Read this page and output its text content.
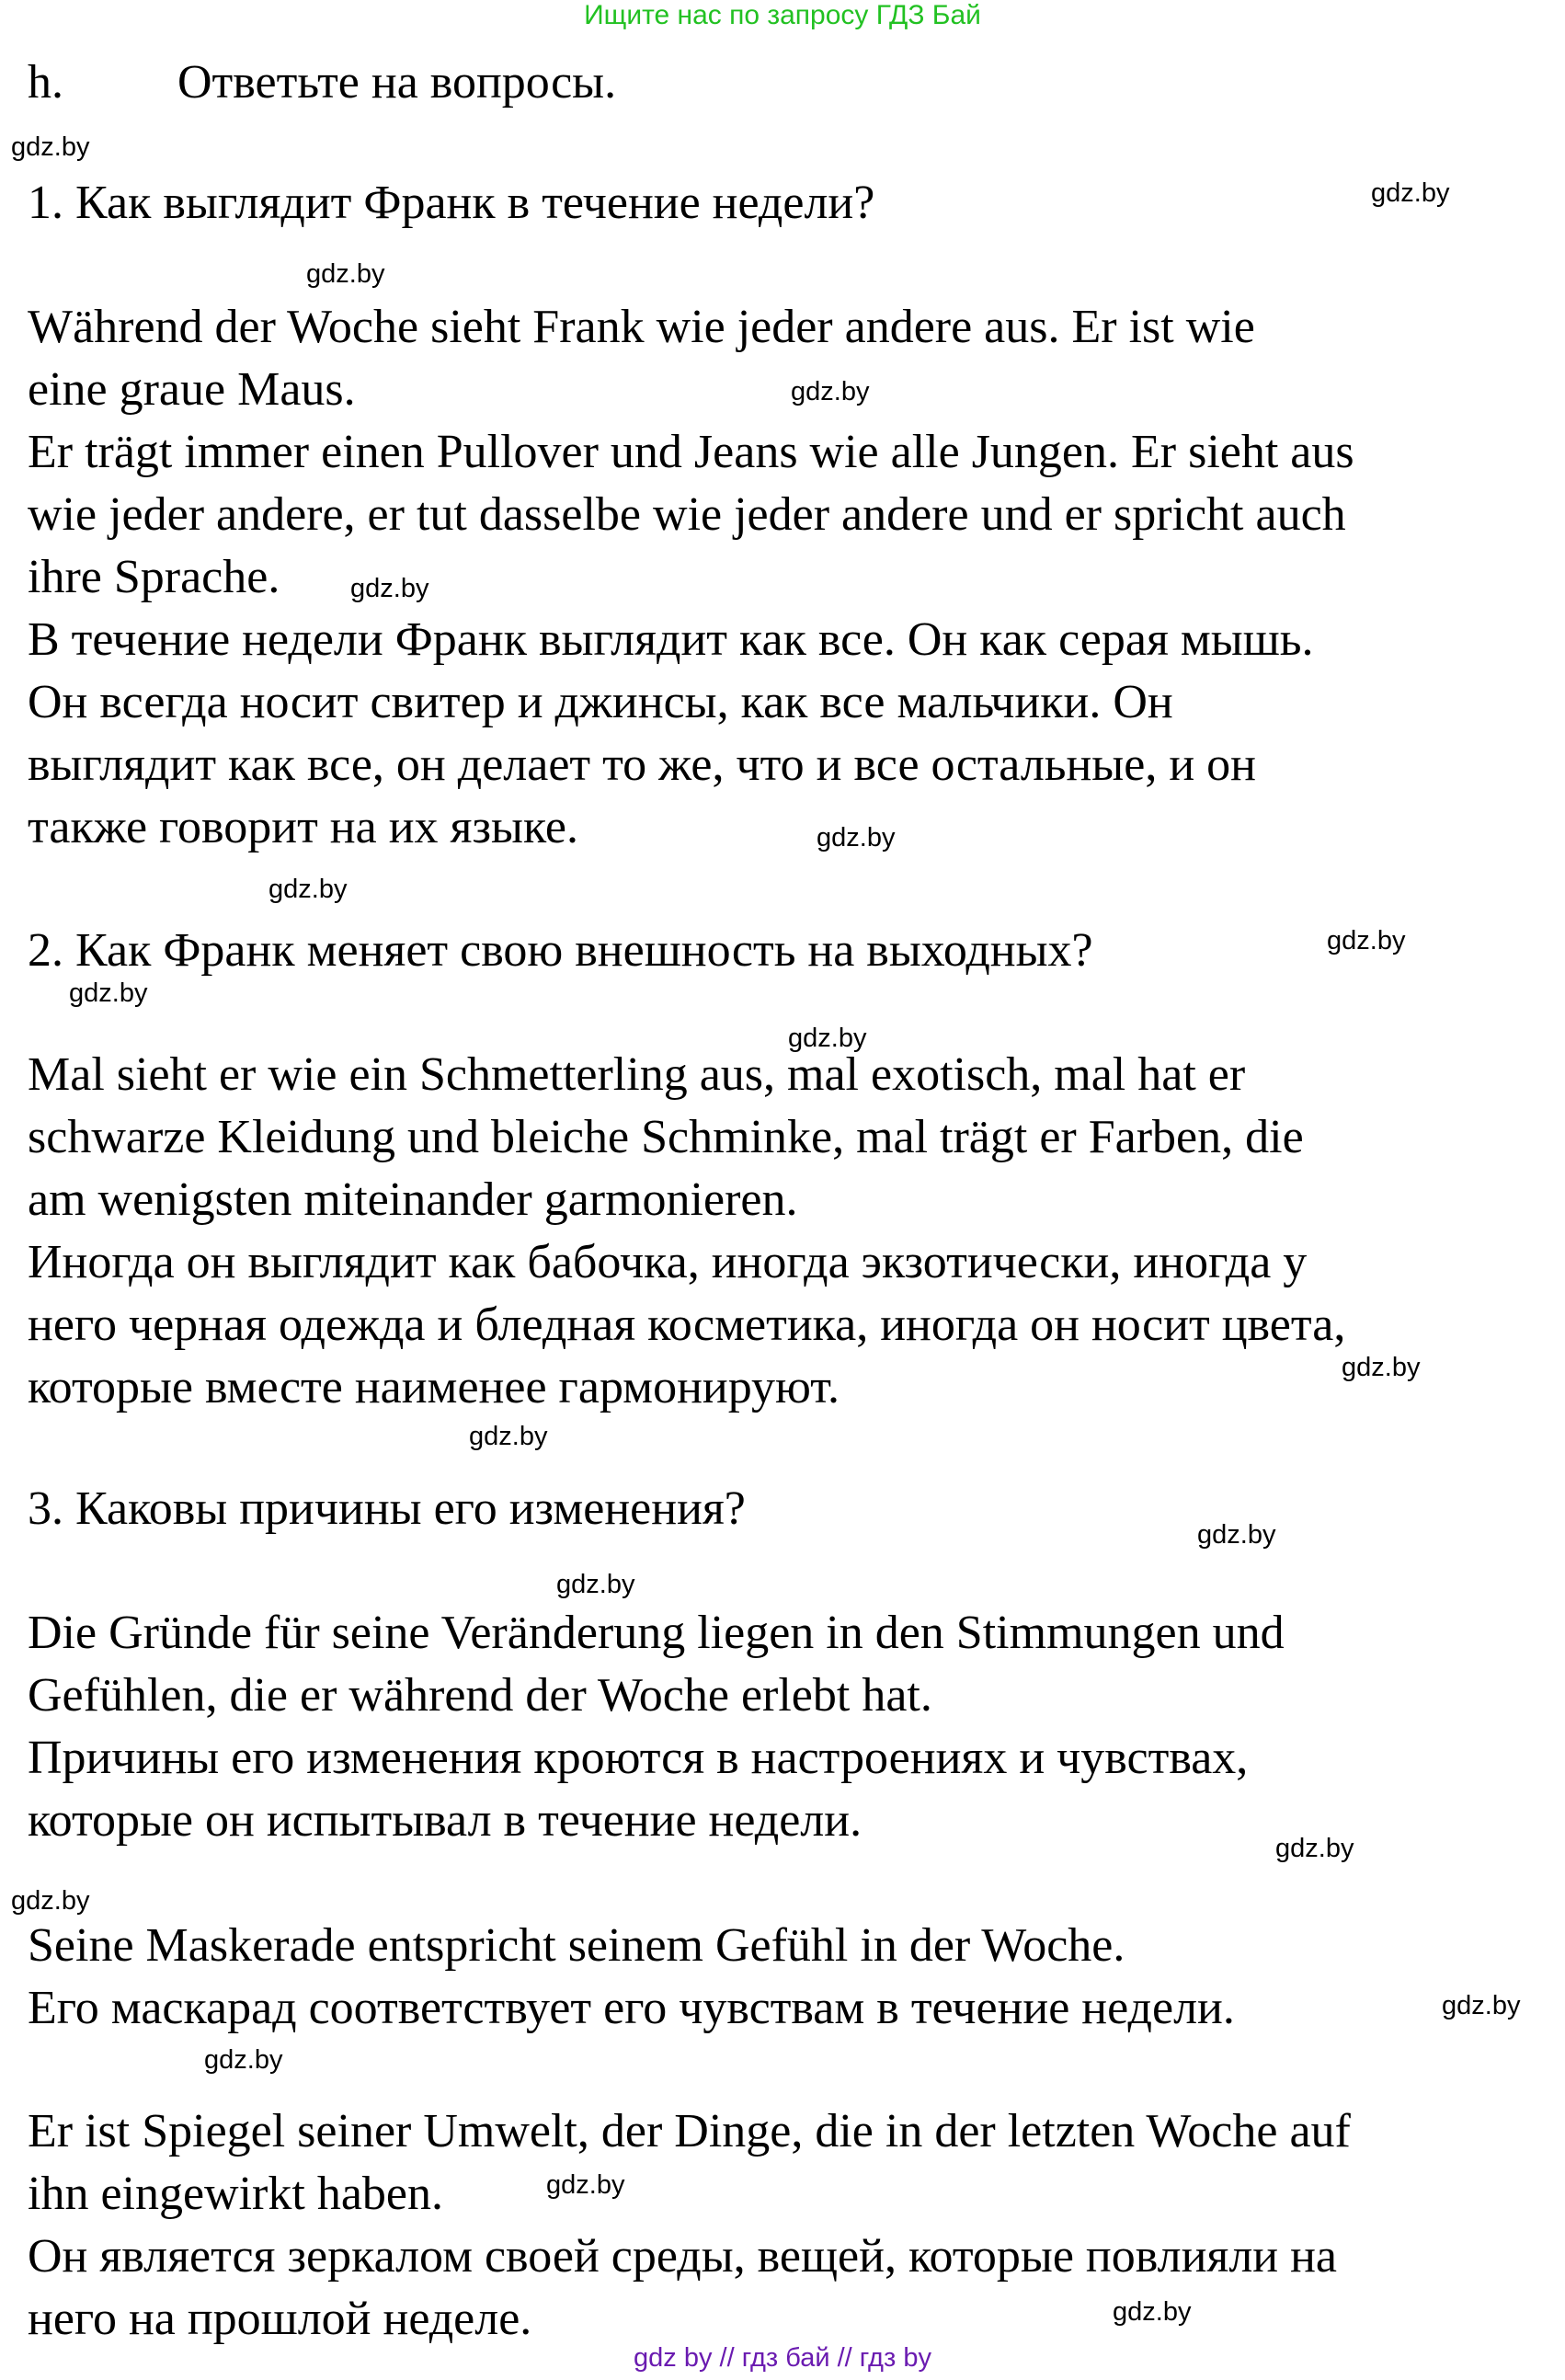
Ищите нас по запросу ГДЗ Бай
h. Ответьте на вопросы.
1. Как выглядит Франк в течение недели?
Während der Woche sieht Frank wie jeder andere aus. Er ist wie
eine graue Maus.
Er trägt immer einen Pullover und Jeans wie alle Jungen. Er sieht aus
wie jeder andere, er tut dasselbe wie jeder andere und er spricht auch
ihre Sprache.
В течение недели Франк выглядит как все. Он как серая мышь.
Он всегда носит свитер и джинсы, как все мальчики. Он
выглядит как все, он делает то же, что и все остальные, и он
также говорит на их языке.
2. Как Франк меняет свою внешность на выходных?
Mal sieht er wie ein Schmetterling aus, mal exotisch, mal hat er
schwarze Kleidung und bleiche Schminke, mal trägt er Farben, die
am wenigsten miteinander garmonieren.
Иногда он выглядит как бабочка, иногда экзотически, иногда у
него черная одежда и бледная косметика, иногда он носит цвета,
которые вместе наименее гармонируют.
3. Каковы причины его изменения?
Die Gründe für seine Veränderung liegen in den Stimmungen und
Gefühlen, die er während der Woche erlebt hat.
Причины его изменения кроются в настроениях и чувствах,
которые он испытывал в течение недели.
Seine Maskerade entspricht seinem Gefühl in der Woche.
Его маскарад соответствует его чувствам в течение недели.
Er ist Spiegel seiner Umwelt, der Dinge, die in der letzten Woche auf
ihn eingewirkt haben.
Он является зеркалом своей среды, вещей, которые повлияли на
него на прошлой неделе.
gdz.by
gdz.by
gdz.by
gdz.by
gdz.by
gdz.by
gdz.by
gdz.by
gdz.by
gdz.by
gdz.by
gdz.by
gdz.by
gdz.by
gdz.by
gdz.by
gdz.by
gdz.by
gdz.by
gdz.by
gdz by // гдз бай // гдз by
